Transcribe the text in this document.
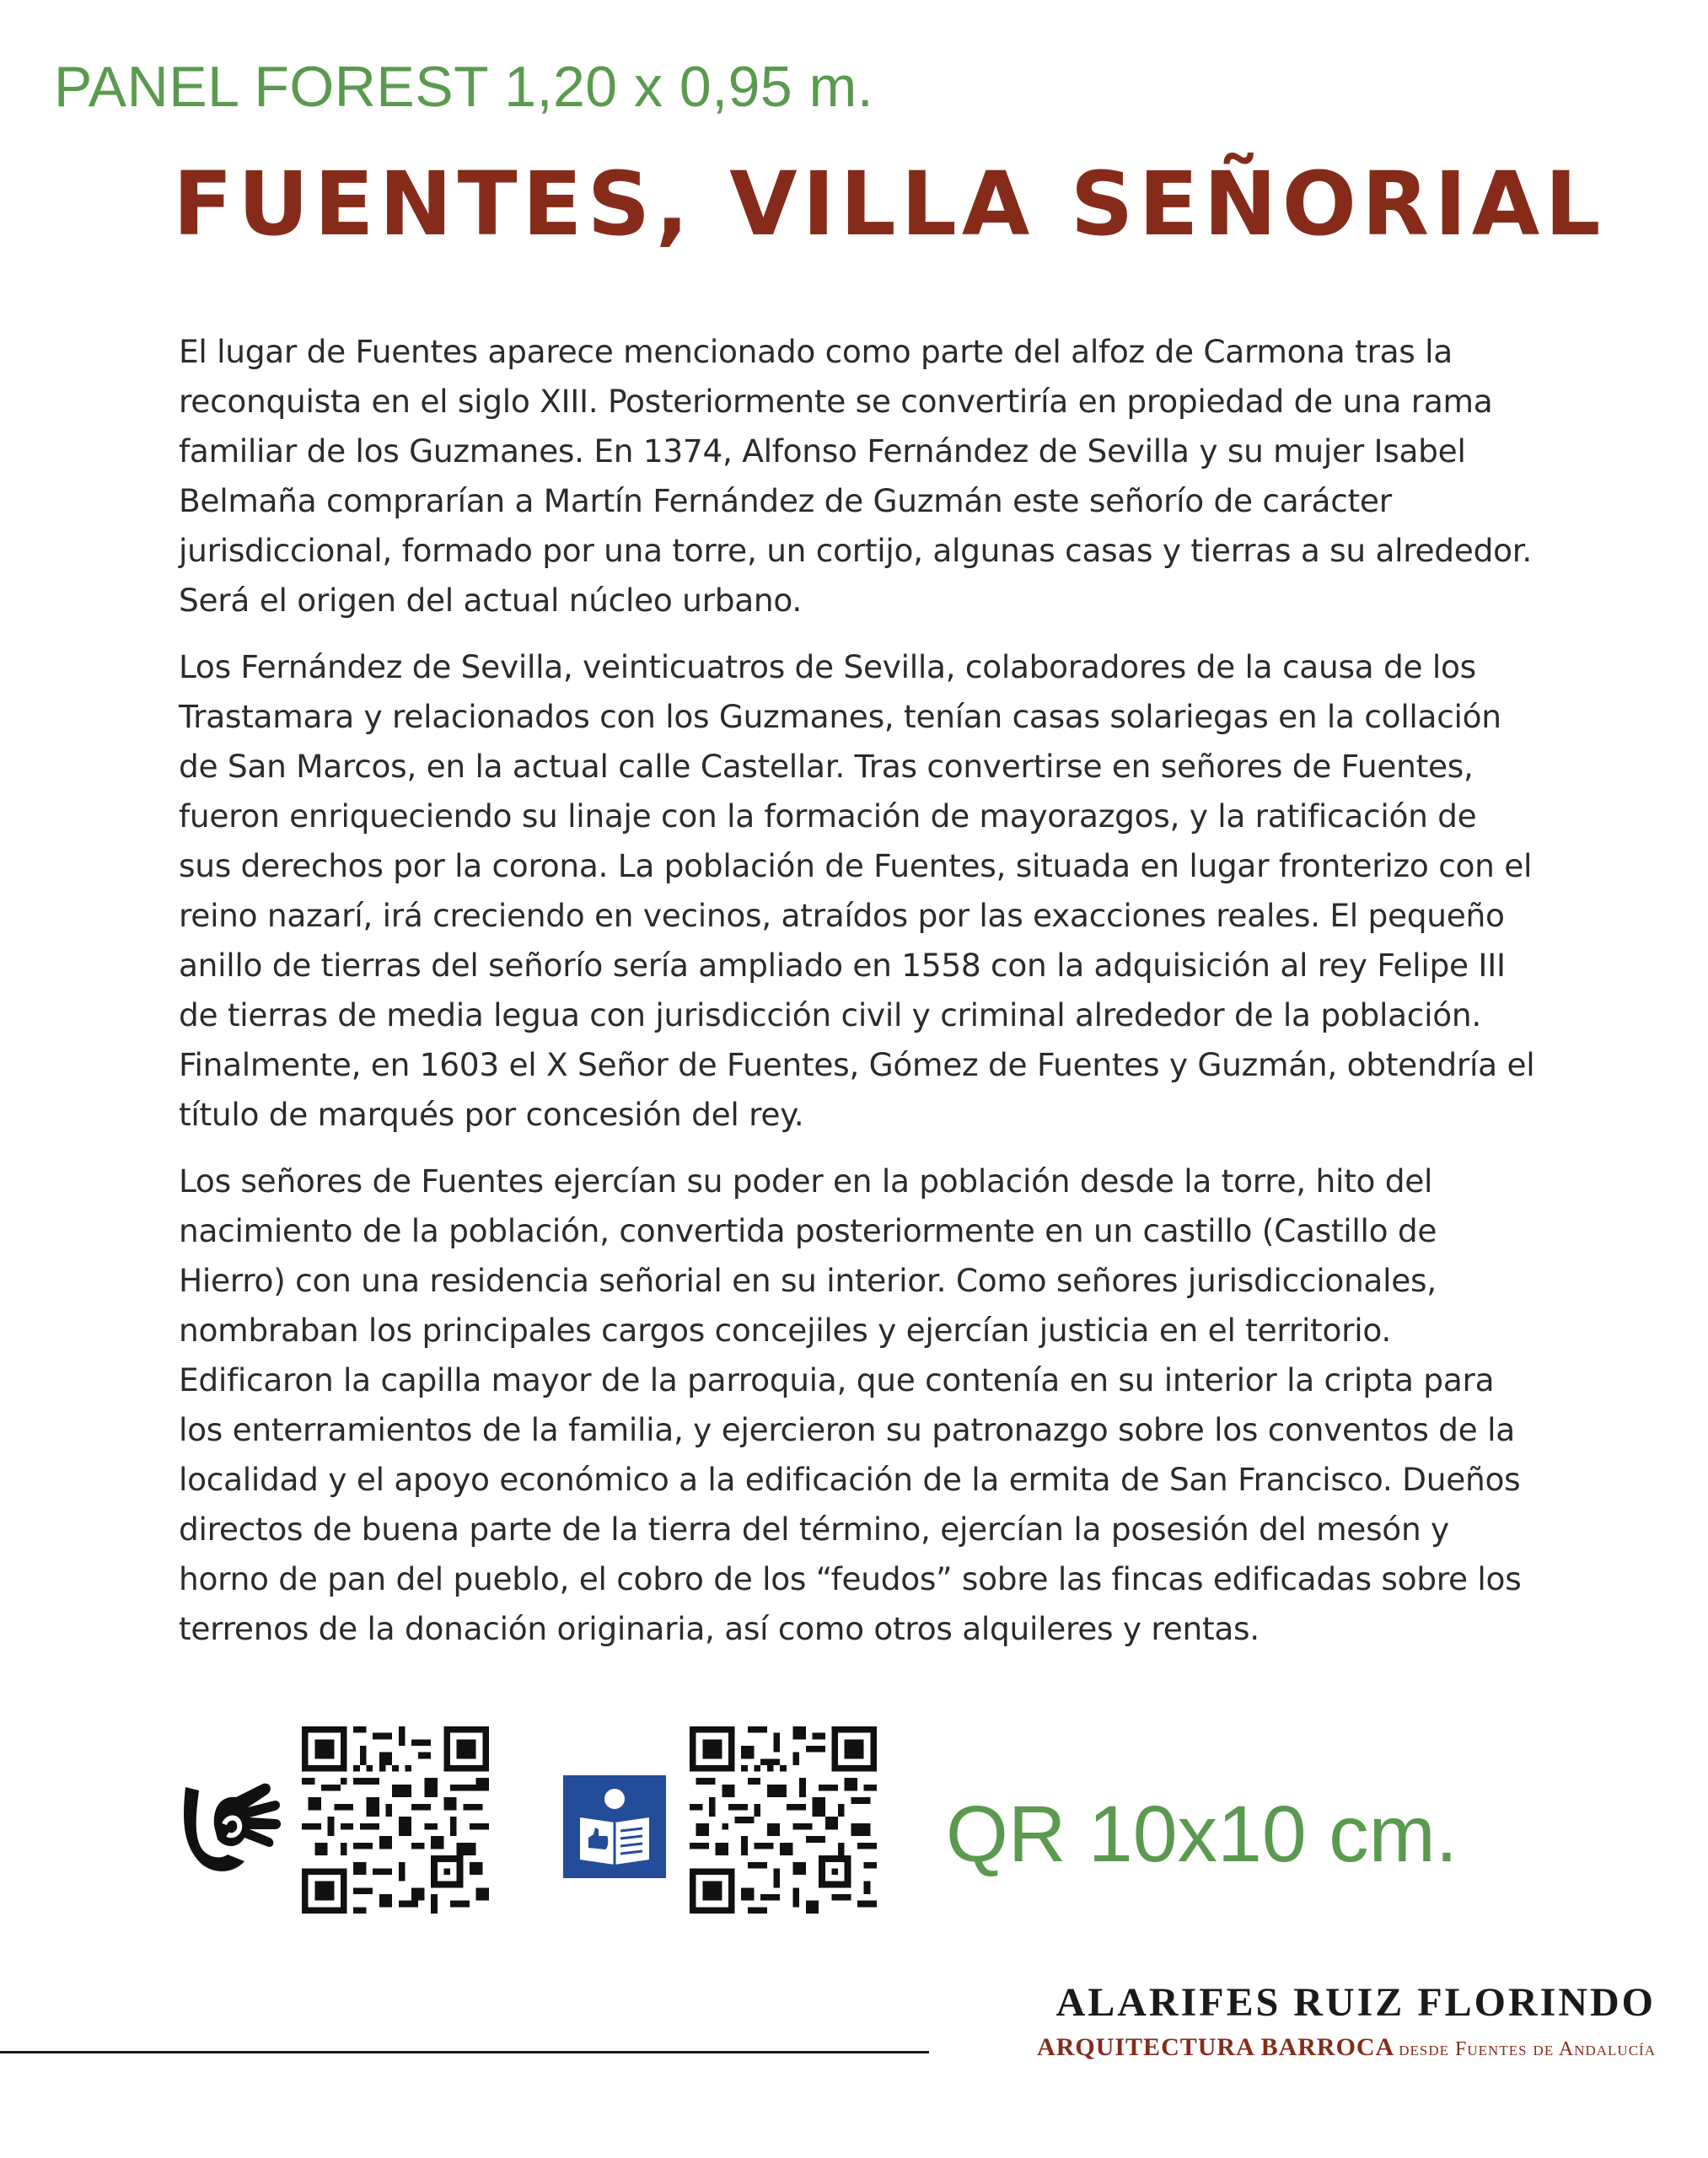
PANEL FOREST 1,20 x 0,95 m.
FUENTES, VILLA SEÑORIAL

El lugar de Fuentes aparece mencionado como parte del alfoz de Carmona tras la reconquista en el siglo XIII. Posteriormente se convertiría en propiedad de una rama familiar de los Guzmanes. En 1374, Alfonso Fernández de Sevilla y su mujer Isabel Belmaña comprarían a Martín Fernández de Guzmán este señorío de carácter jurisdiccional, formado por una torre, un cortijo, algunas casas y tierras a su alrededor. Será el origen del actual núcleo urbano.

Los Fernández de Sevilla, veinticuatros de Sevilla, colaboradores de la causa de los Trastamara y relacionados con los Guzmanes, tenían casas solariegas en la collación de San Marcos, en la actual calle Castellar. Tras convertirse en señores de Fuentes, fueron enriqueciendo su linaje con la formación de mayorazgos, y la ratificación de sus derechos por la corona. La población de Fuentes, situada en lugar fronterizo con el reino nazarí, irá creciendo en vecinos, atraídos por las exacciones reales. El pequeño anillo de tierras del señorío sería ampliado en 1558 con la adquisición al rey Felipe III de tierras de media legua con jurisdicción civil y criminal alrededor de la población. Finalmente, en 1603 el X Señor de Fuentes, Gómez de Fuentes y Guzmán, obtendría el título de marqués por concesión del rey.

Los señores de Fuentes ejercían su poder en la población desde la torre, hito del nacimiento de la población, convertida posteriormente en un castillo (Castillo de Hierro) con una residencia señorial en su interior. Como señores jurisdiccionales, nombraban los principales cargos concejiles y ejercían justicia en el territorio. Edificaron la capilla mayor de la parroquia, que contenía en su interior la cripta para los enterramientos de la familia, y ejercieron su patronazgo sobre los conventos de la localidad y el apoyo económico a la edificación de la ermita de San Francisco. Dueños directos de buena parte de la tierra del término, ejercían la posesión del mesón y horno de pan del pueblo, el cobro de los “feudos” sobre las fincas edificadas sobre los terrenos de la donación originaria, así como otros alquileres y rentas.

QR 10x10 cm.
ALARIFES RUIZ FLORINDO
ARQUITECTURA BARROCA desde Fuentes de Andalucía
